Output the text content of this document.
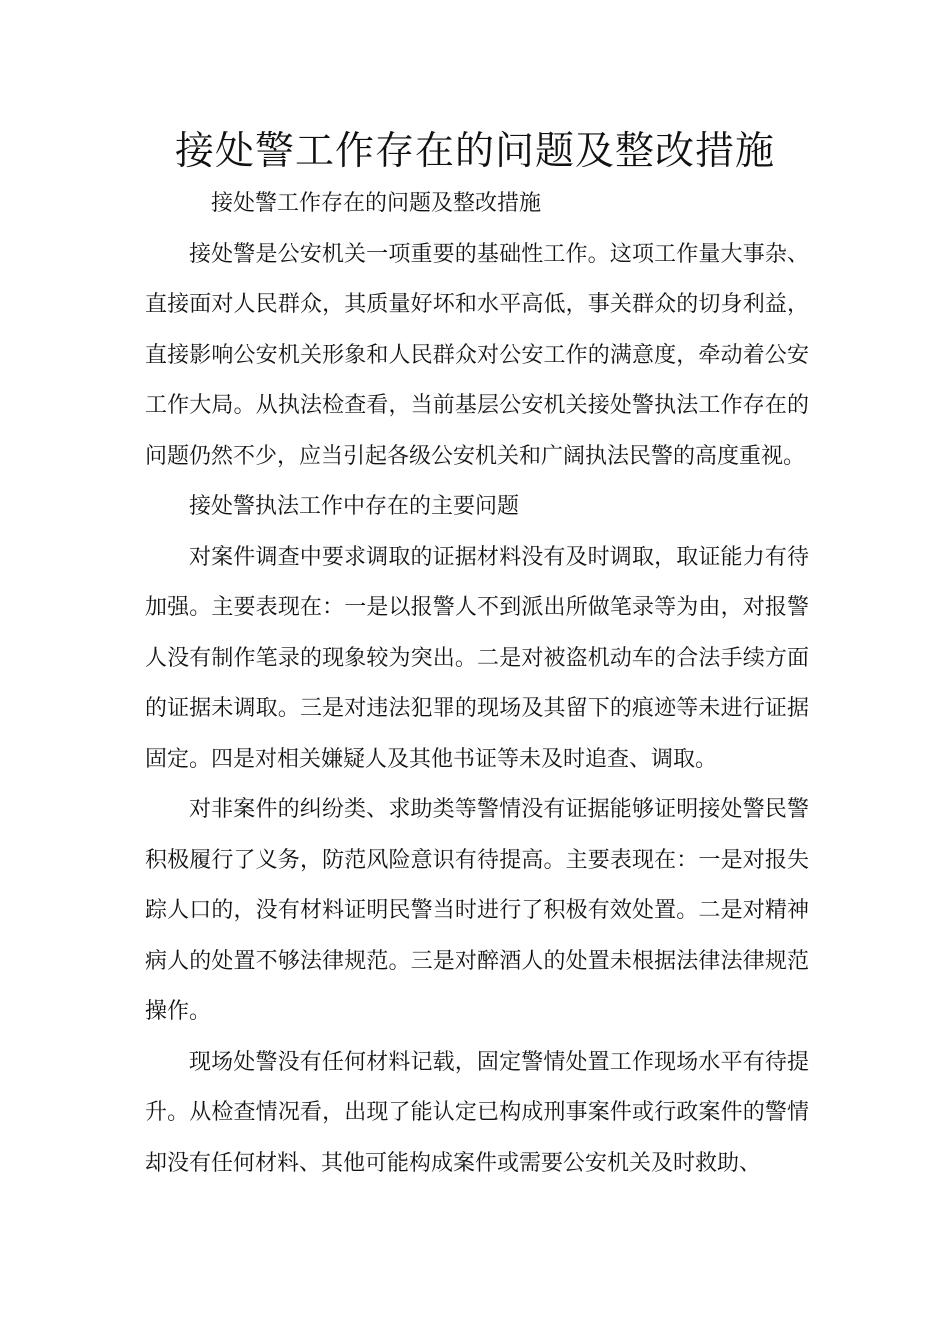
接处警工作存在的问题及整改措施

接处警工作存在的问题及整改措施

接处警是公安机关一项重要的基础性工作。这项工作量大事杂、直接面对人民群众，其质量好坏和水平高低，事关群众的切身利益，直接影响公安机关形象和人民群众对公安工作的满意度，牵动着公安工作大局。从执法检查看，当前基层公安机关接处警执法工作存在的问题仍然不少，应当引起各级公安机关和广阔执法民警的高度重视。

接处警执法工作中存在的主要问题

对案件调查中要求调取的证据材料没有及时调取，取证能力有待加强。主要表现在：一是以报警人不到派出所做笔录等为由，对报警人没有制作笔录的现象较为突出。二是对被盗机动车的合法手续方面的证据未调取。三是对违法犯罪的现场及其留下的痕迹等未进行证据固定。四是对相关嫌疑人及其他书证等未及时追查、调取。

对非案件的纠纷类、求助类等警情没有证据能够证明接处警民警积极履行了义务，防范风险意识有待提高。主要表现在：一是对报失踪人口的，没有材料证明民警当时进行了积极有效处置。二是对精神病人的处置不够法律规范。三是对醉酒人的处置未根据法律法律规范操作。

现场处警没有任何材料记载，固定警情处置工作现场水平有待提升。从检查情况看，出现了能认定已构成刑事案件或行政案件的警情却没有任何材料、其他可能构成案件或需要公安机关及时救助、
